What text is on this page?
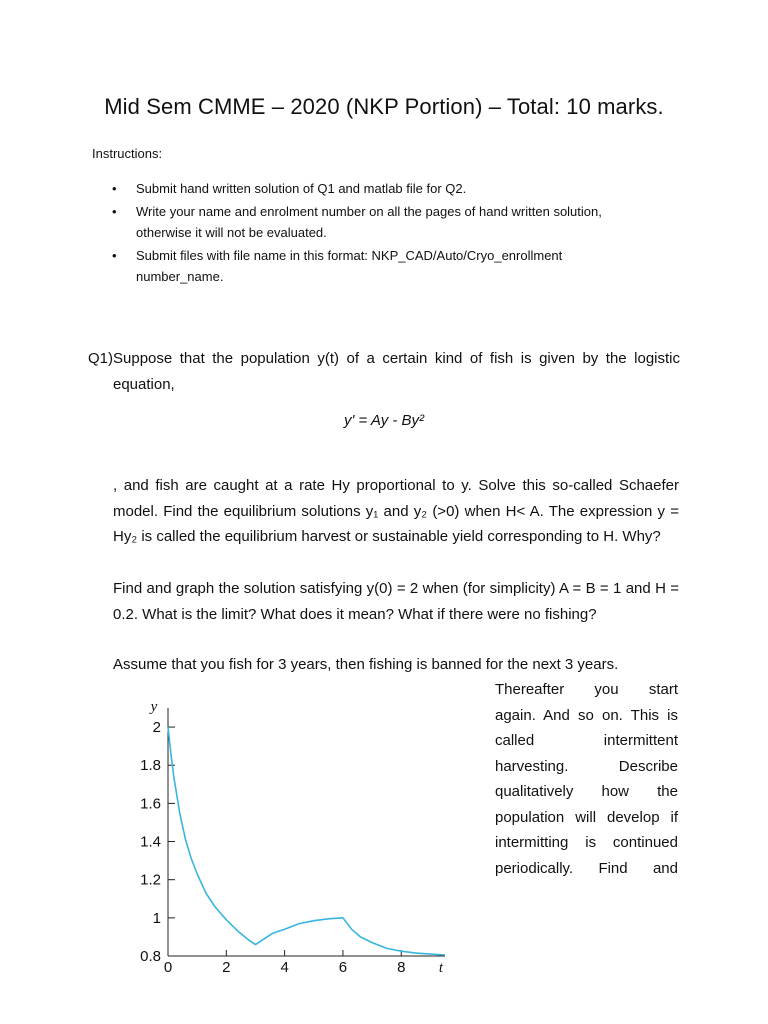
Mid Sem CMME – 2020 (NKP Portion) – Total: 10 marks.
Instructions:
• Submit hand written solution of Q1 and matlab file for Q2.
• Write your name and enrolment number on all the pages of hand written solution, otherwise it will not be evaluated.
• Submit files with file name in this format: NKP_CAD/Auto/Cryo_enrollment number_name.
Q1) Suppose that the population y(t) of a certain kind of fish is given by the logistic equation,
y' = Ay - By²
, and fish are caught at a rate Hy proportional to y. Solve this so-called Schaefer model. Find the equilibrium solutions y₁ and y₂ (>0) when H< A. The expression y = Hy₂ is called the equilibrium harvest or sustainable yield corresponding to H. Why?
Find and graph the solution satisfying y(0) = 2 when (for simplicity) A = B = 1 and H = 0.2. What is the limit? What does it mean? What if there were no fishing?
Assume that you fish for 3 years, then fishing is banned for the next 3 years.
Thereafter you start
again. And so on. This is
called intermittent
harvesting. Describe
qualitatively how the
population will develop if
intermitting is continued
periodically. Find and
0	2	4	6	8
2
1.8
1.6
1.4
1.2
1
0.8
y
t
